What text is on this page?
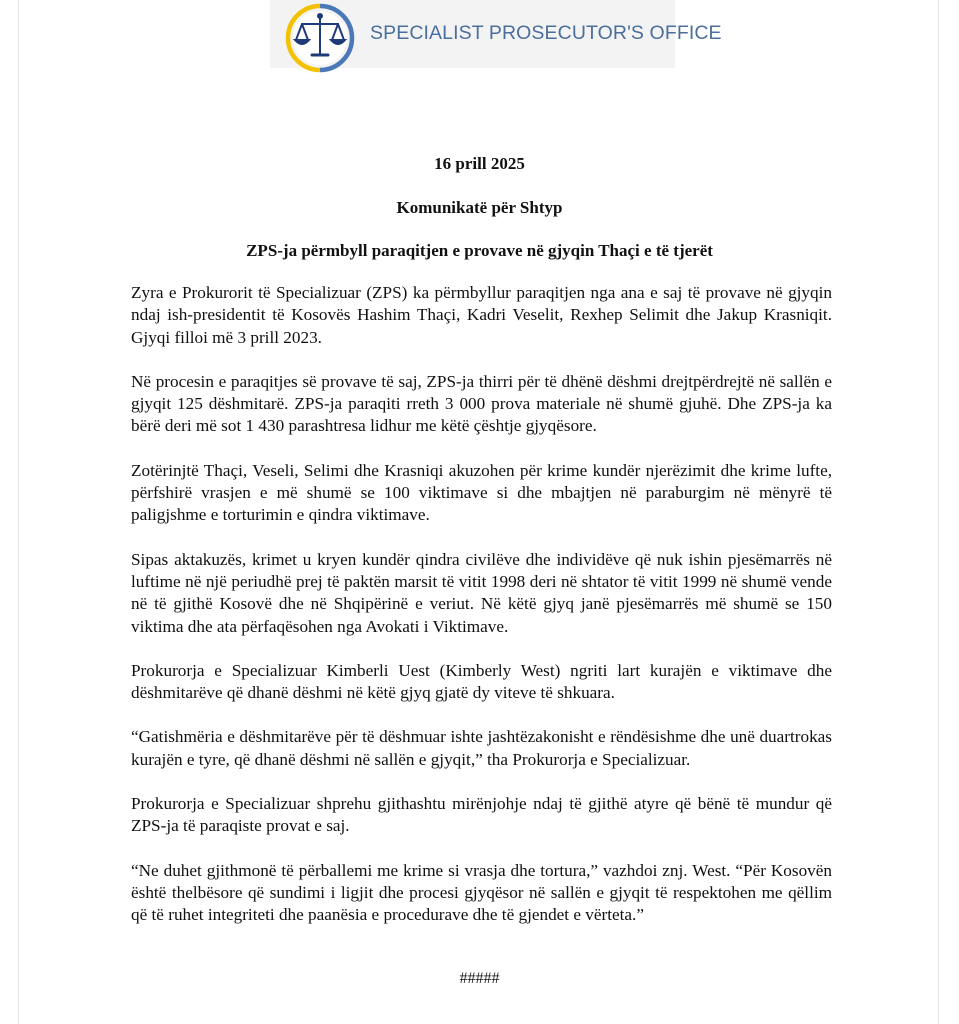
SPECIALIST PROSECUTOR'S OFFICE
16 prill 2025
Komunikatë për Shtyp
ZPS-ja përmbyll paraqitjen e provave në gjyqin Thaçi e të tjerët

Zyra e Prokurorit të Specializuar (ZPS) ka përmbyllur paraqitjen nga ana e saj të provave në gjyqin ndaj ish-presidentit të Kosovës Hashim Thaçi, Kadri Veselit, Rexhep Selimit dhe Jakup Krasniqit. Gjyqi filloi më 3 prill 2023.

Në procesin e paraqitjes së provave të saj, ZPS-ja thirri për të dhënë dëshmi drejtpërdrejtë në sallën e gjyqit 125 dëshmitarë. ZPS-ja paraqiti rreth 3 000 prova materiale në shumë gjuhë. Dhe ZPS-ja ka bërë deri më sot 1 430 parashtresa lidhur me këtë çështje gjyqësore.

Zotërinjtë Thaçi, Veseli, Selimi dhe Krasniqi akuzohen për krime kundër njerëzimit dhe krime lufte, përfshirë vrasjen e më shumë se 100 viktimave si dhe mbajtjen në paraburgim në mënyrë të paligjshme e torturimin e qindra viktimave.

Sipas aktakuzës, krimet u kryen kundër qindra civilëve dhe individëve që nuk ishin pjesëmarrës në luftime në një periudhë prej të paktën marsit të vitit 1998 deri në shtator të vitit 1999 në shumë vende në të gjithë Kosovë dhe në Shqipërinë e veriut. Në këtë gjyq janë pjesëmarrës më shumë se 150 viktima dhe ata përfaqësohen nga Avokati i Viktimave.

Prokurorja e Specializuar Kimberli Uest (Kimberly West) ngriti lart kurajën e viktimave dhe dëshmitarëve që dhanë dëshmi në këtë gjyq gjatë dy viteve të shkuara.

“Gatishmëria e dëshmitarëve për të dëshmuar ishte jashtëzakonisht e rëndësishme dhe unë duartrokas kurajën e tyre, që dhanë dëshmi në sallën e gjyqit,” tha Prokurorja e Specializuar.

Prokurorja e Specializuar shprehu gjithashtu mirënjohje ndaj të gjithë atyre që bënë të mundur që ZPS-ja të paraqiste provat e saj.

“Ne duhet gjithmonë të përballemi me krime si vrasja dhe tortura,” vazhdoi znj. West. “Për Kosovën është thelbësore që sundimi i ligjit dhe procesi gjyqësor në sallën e gjyqit të respektohen me qëllim që të ruhet integriteti dhe paanësia e procedurave dhe të gjendet e vërteta.”

#####
